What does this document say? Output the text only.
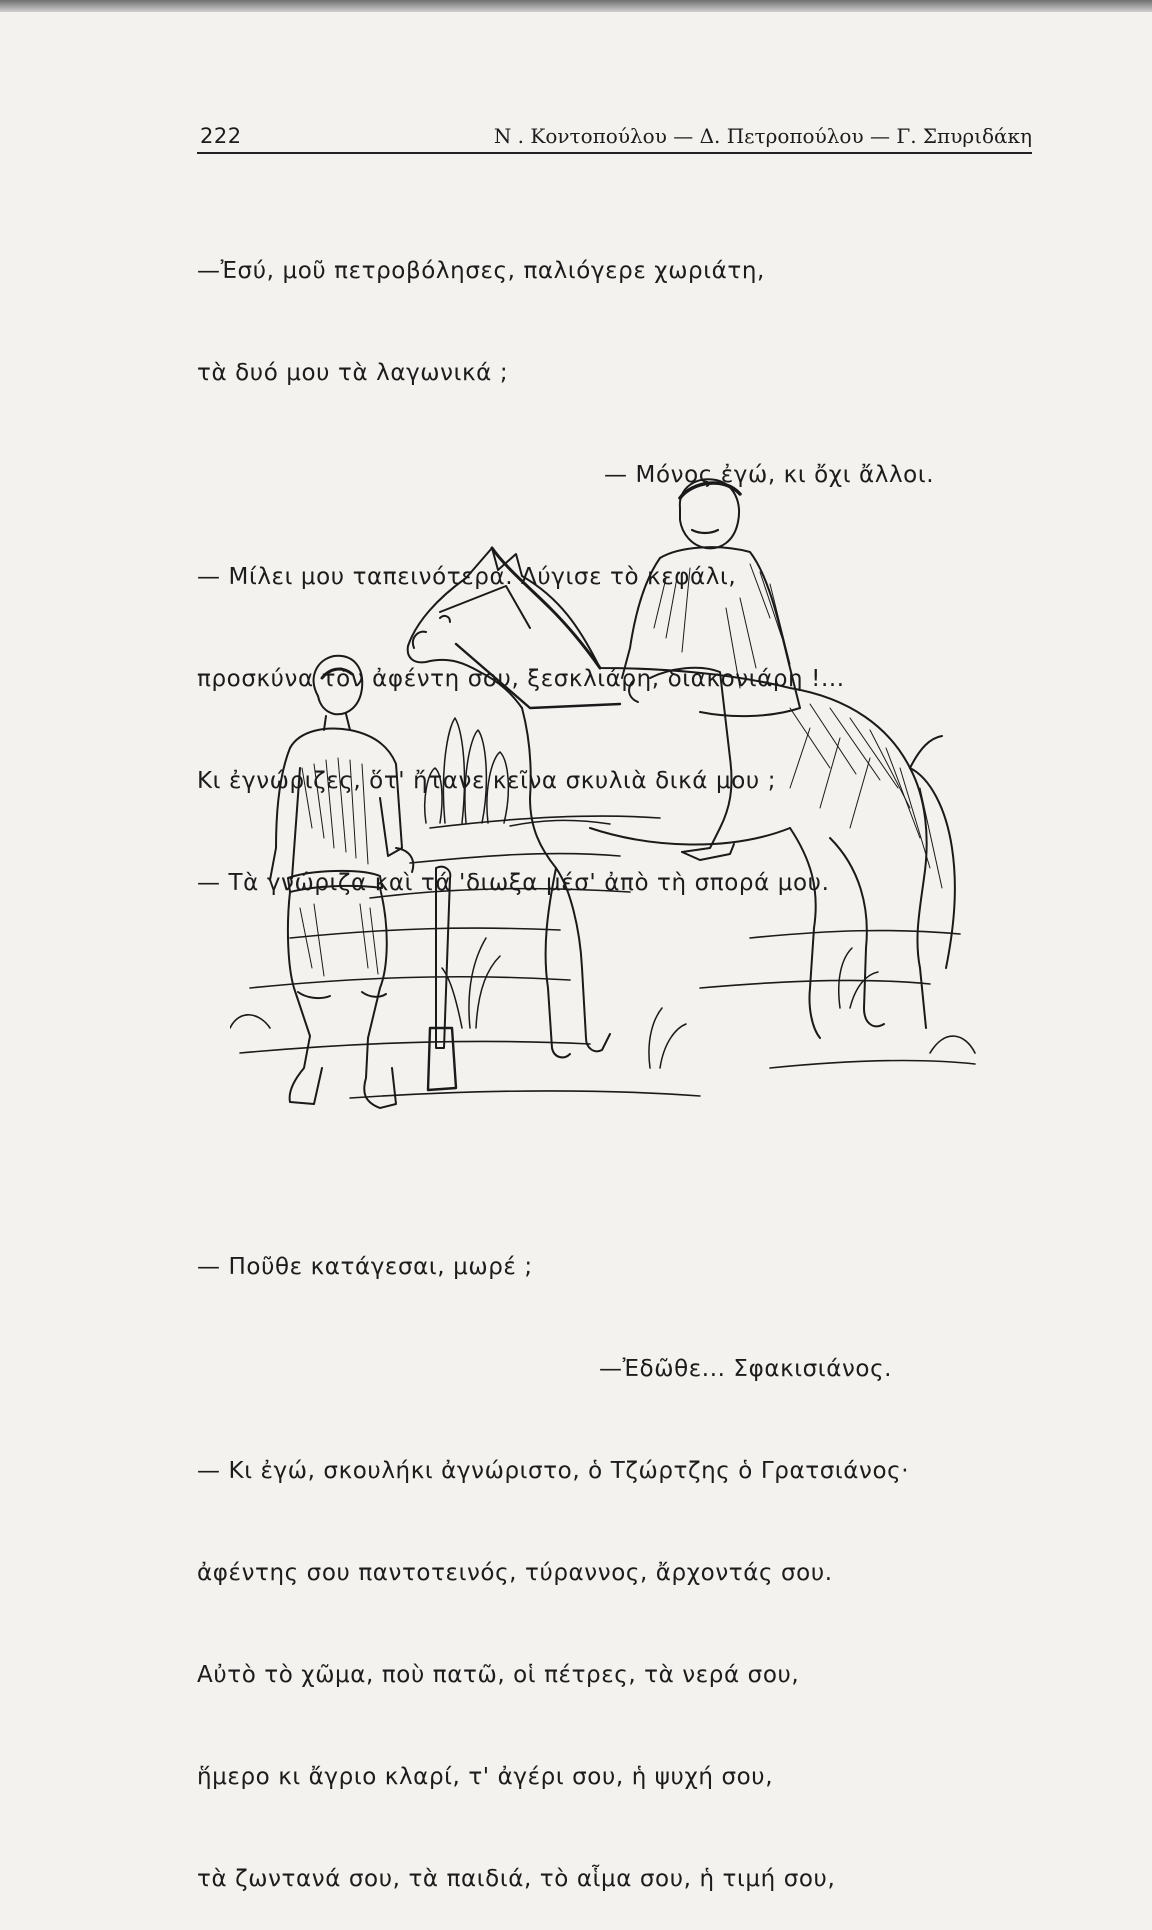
222	Ν . Κοντοπούλου — Δ. Πετροπούλου — Γ. Σπυριδάκη

—Ἐσύ, μοῦ πετροβόλησες, παλιόγερε χωριάτη,

τὰ δυό μου τὰ λαγωνικά ;

— Μόνος ἐγώ, κι ὄχι ἄλλοι.

— Μίλει μου ταπεινότερα. Λύγισε τὸ κεφάλι,

προσκύνα τὸν ἀφέντη σου, ξεσκλιάρη, διακονιάρη !...

Κι ἐγνώριζες, ὅτ' ἤτανε κεῖνα σκυλιὰ δικά μου ;

— Τὰ γνώριζα καὶ τά 'διωξα μέσ' ἀπὸ τὴ σπορά μου.

— Ποῦθε κατάγεσαι, μωρέ ;

—Ἐδῶθε... Σφακισιάνος.

— Κι ἐγώ, σκουλήκι ἀγνώριστο, ὁ Τζώρτζης ὁ Γρατσιάνος·

ἀφέντης σου παντοτεινός, τύραννος, ἄρχοντάς σου.

Αὐτὸ τὸ χῶμα, ποὺ πατῶ, οἱ πέτρες, τὰ νερά σου,

ἥμερο κι ἄγριο κλαρί, τ' ἀγέρι σου, ἡ ψυχή σου,

τὰ ζωντανά σου, τὰ παιδιά, τὸ αἷμα σου, ἡ τιμή σου,
